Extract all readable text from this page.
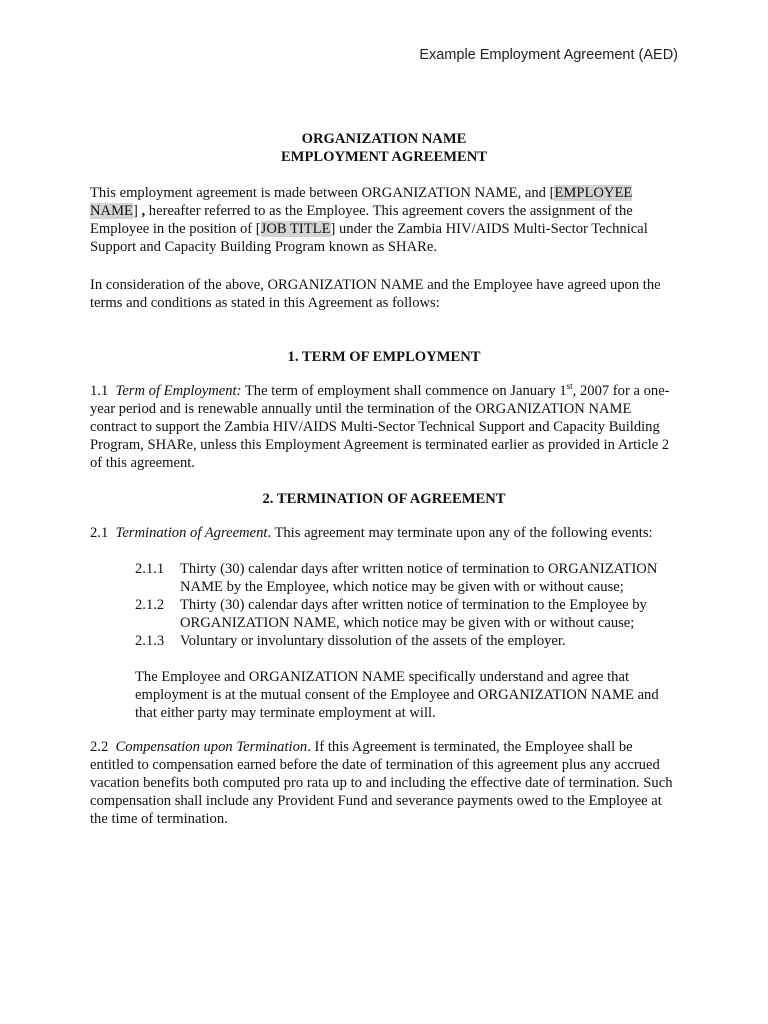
Example Employment Agreement (AED)
ORGANIZATION NAME
EMPLOYMENT AGREEMENT
This employment agreement is made between ORGANIZATION NAME, and [EMPLOYEE
NAME] , hereafter referred to as the Employee. This agreement covers the assignment of the Employee in the position of [JOB TITLE] under the Zambia HIV/AIDS Multi-Sector Technical Support and Capacity Building Program known as SHARe.
In consideration of the above, ORGANIZATION NAME and the Employee have agreed upon the terms and conditions as stated in this Agreement as follows:
1. TERM OF EMPLOYMENT
1.1 Term of Employment: The term of employment shall commence on January 1st, 2007 for a one-year period and is renewable annually until the termination of the ORGANIZATION NAME contract to support the Zambia HIV/AIDS Multi-Sector Technical Support and Capacity Building Program, SHARe, unless this Employment Agreement is terminated earlier as provided in Article 2 of this agreement.
2. TERMINATION OF AGREEMENT
2.1 Termination of Agreement. This agreement may terminate upon any of the following events:
2.1.1	Thirty (30) calendar days after written notice of termination to ORGANIZATION NAME by the Employee, which notice may be given with or without cause;
2.1.2	Thirty (30) calendar days after written notice of termination to the Employee by ORGANIZATION NAME, which notice may be given with or without cause;
2.1.3	Voluntary or involuntary dissolution of the assets of the employer.
The Employee and ORGANIZATION NAME specifically understand and agree that employment is at the mutual consent of the Employee and ORGANIZATION NAME and that either party may terminate employment at will.
2.2 Compensation upon Termination. If this Agreement is terminated, the Employee shall be entitled to compensation earned before the date of termination of this agreement plus any accrued vacation benefits both computed pro rata up to and including the effective date of termination. Such compensation shall include any Provident Fund and severance payments owed to the Employee at the time of termination.
